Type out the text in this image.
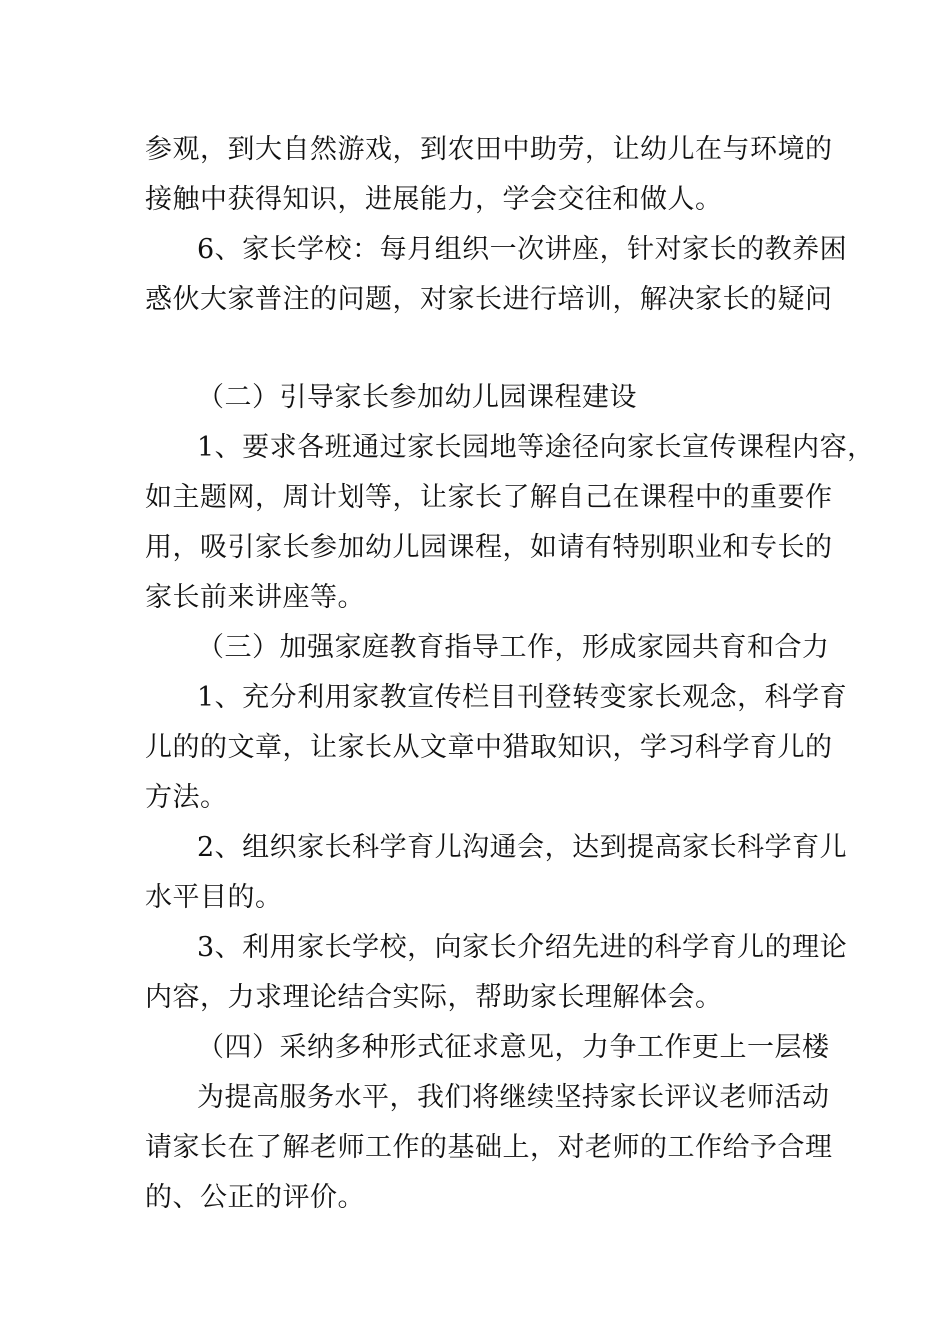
参观，到大自然游戏，到农田中助劳，让幼儿在与环境的
接触中获得知识，进展能力，学会交往和做人。
6、家长学校：每月组织一次讲座，针对家长的教养困
惑伙大家普注的问题，对家长进行培训，解决家长的疑问
（二）引导家长参加幼儿园课程建设
1、要求各班通过家长园地等途径向家长宣传课程内容，
如主题网，周计划等，让家长了解自己在课程中的重要作
用，吸引家长参加幼儿园课程，如请有特别职业和专长的
家长前来讲座等。
（三）加强家庭教育指导工作，形成家园共育和合力
1、充分利用家教宣传栏目刊登转变家长观念，科学育
儿的的文章，让家长从文章中猎取知识，学习科学育儿的
方法。
2、组织家长科学育儿沟通会，达到提高家长科学育儿
水平目的。
3、利用家长学校，向家长介绍先进的科学育儿的理论
内容，力求理论结合实际，帮助家长理解体会。
（四）采纳多种形式征求意见，力争工作更上一层楼
为提高服务水平，我们将继续坚持家长评议老师活动
请家长在了解老师工作的基础上，对老师的工作给予合理
的、公正的评价。
